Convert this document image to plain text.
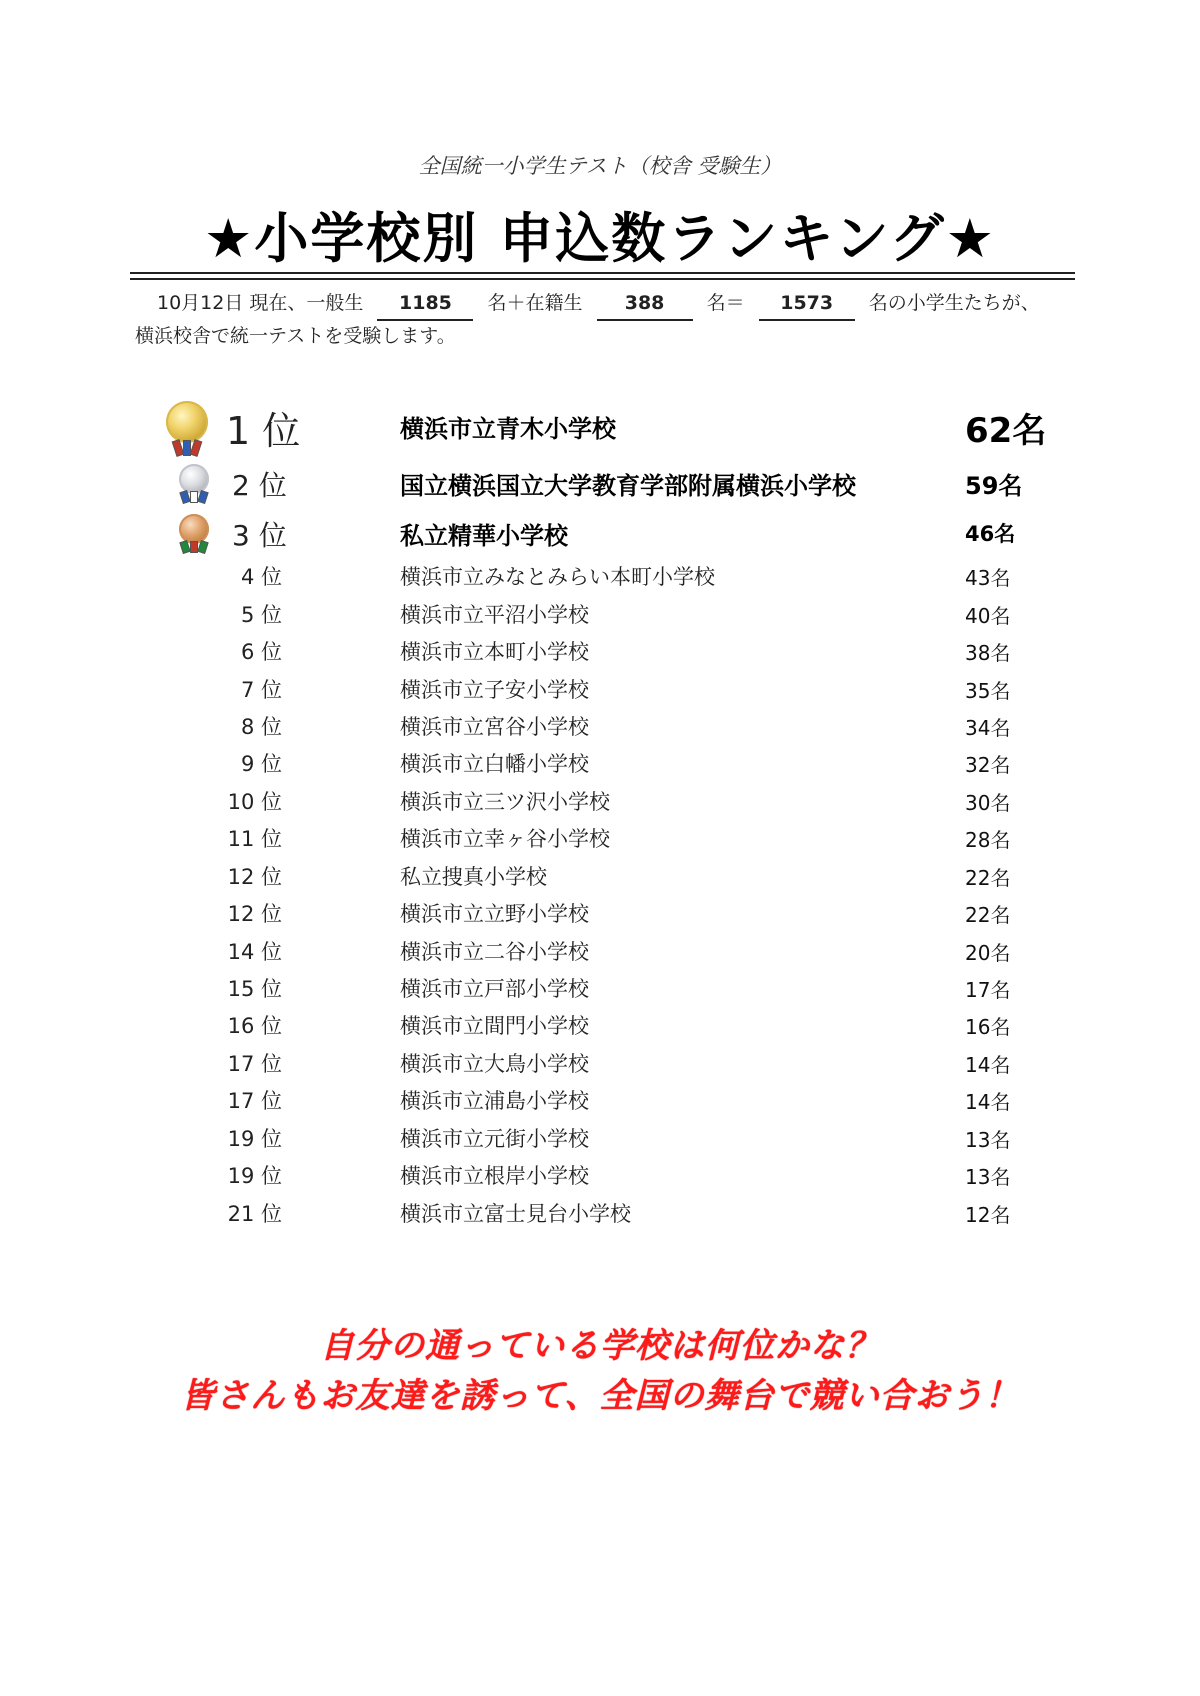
全国統一小学生テスト（校舎 受験生）
★小学校別 申込数ランキング★
10月12日 現在、一般生 1185 名＋在籍生 388 名＝ 1573 名の小学生たちが、
横浜校舎で統一テストを受験します。
1 位	横浜市立青木小学校	62名
2 位	国立横浜国立大学教育学部附属横浜小学校	59名
3 位	私立精華小学校	46名
4 位	横浜市立みなとみらい本町小学校	43名
5 位	横浜市立平沼小学校	40名
6 位	横浜市立本町小学校	38名
7 位	横浜市立子安小学校	35名
8 位	横浜市立宮谷小学校	34名
9 位	横浜市立白幡小学校	32名
10 位	横浜市立三ツ沢小学校	30名
11 位	横浜市立幸ヶ谷小学校	28名
12 位	私立捜真小学校	22名
12 位	横浜市立立野小学校	22名
14 位	横浜市立二谷小学校	20名
15 位	横浜市立戸部小学校	17名
16 位	横浜市立間門小学校	16名
17 位	横浜市立大鳥小学校	14名
17 位	横浜市立浦島小学校	14名
19 位	横浜市立元街小学校	13名
19 位	横浜市立根岸小学校	13名
21 位	横浜市立富士見台小学校	12名
自分の通っている学校は何位かな？
皆さんもお友達を誘って、全国の舞台で競い合おう！
